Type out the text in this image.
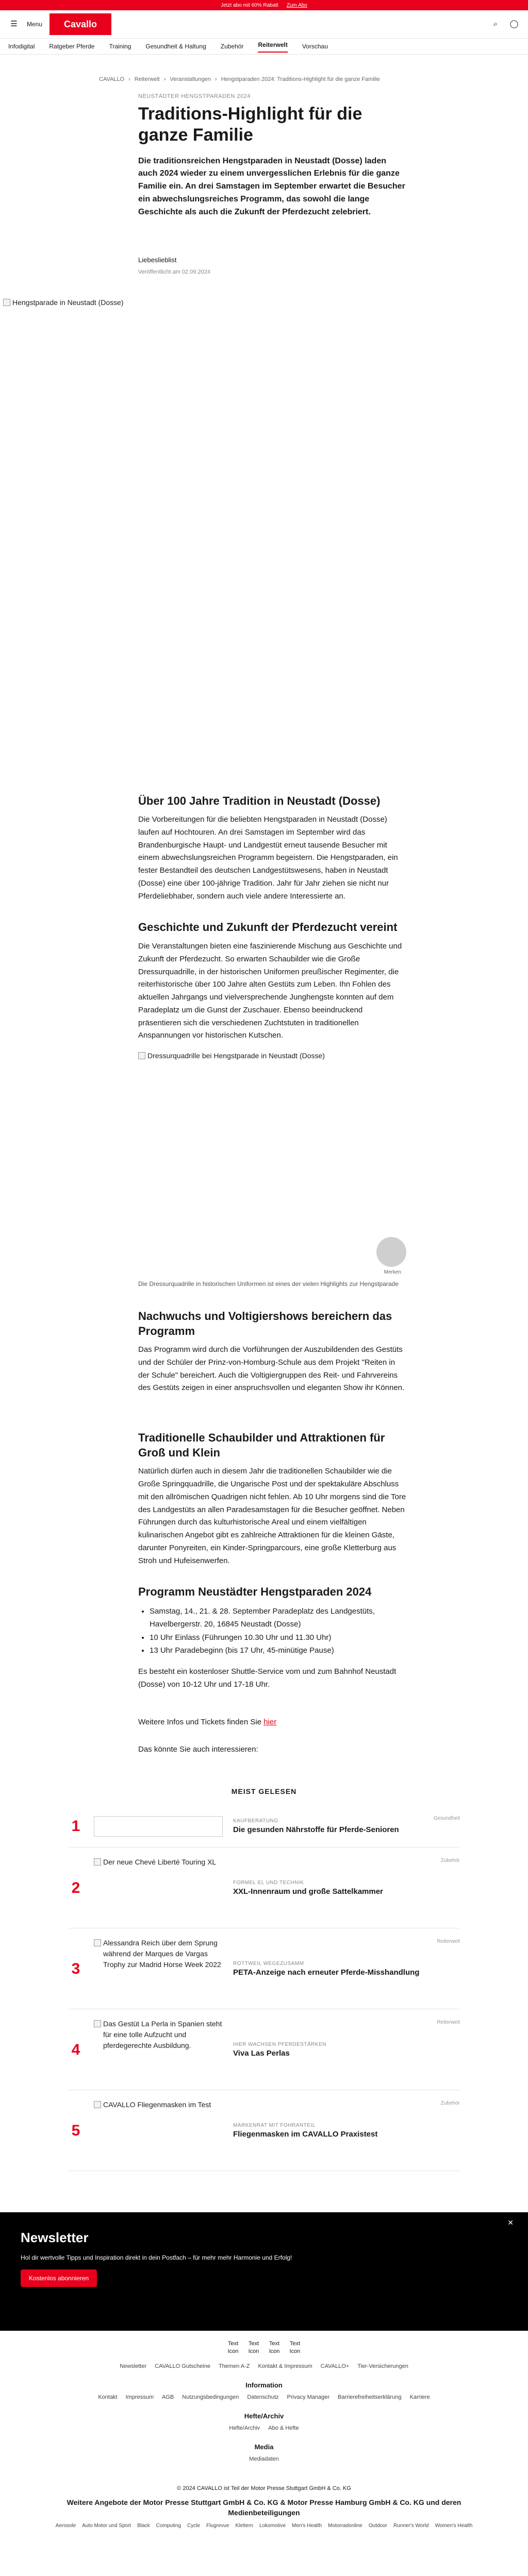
Jetzt abo mit 60% Rabatt Zum Abo
☰	Menu	Cavallo	⌕	◯
Infodigital Ratgeber Pferde Training Gesundheit & Haltung Zubehör Reiterwelt Vorschau
CAVALLO › Reiterwelt › Veranstaltungen › Hengstparaden 2024: Traditions-Highlight für die ganze Familie
NEUSTÄDTER HENGSTPARADEN 2024
Traditions-Highlight für die ganze Familie
Die traditionsreichen Hengstparaden in Neustadt (Dosse) laden auch 2024 wieder zu einem unvergesslichen Erlebnis für die ganze Familie ein. An drei Samstagen im September erwartet die Besucher ein abwechslungsreiches Programm, das sowohl die lange Geschichte als auch die Zukunft der Pferdezucht zelebriert.
Liebeslieblist
Veröffentlicht am 02.09.2024
Hengstparade in Neustadt (Dosse)
Über 100 Jahre Tradition in Neustadt (Dosse)

Die Vorbereitungen für die beliebten Hengstparaden in Neustadt (Dosse) laufen auf Hochtouren. An drei Samstagen im September wird das Brandenburgische Haupt- und Landgestüt erneut tausende Besucher mit einem abwechslungsreichen Programm begeistern. Die Hengstparaden, ein fester Bestandteil des deutschen Landgestütswesens, haben in Neustadt (Dosse) eine über 100-jährige Tradition. Jahr für Jahr ziehen sie nicht nur Pferdeliebhaber, sondern auch viele andere Interessierte an.

Geschichte und Zukunft der Pferdezucht vereint

Die Veranstaltungen bieten eine faszinierende Mischung aus Geschichte und Zukunft der Pferdezucht. So erwarten Schaubilder wie die Große Dressurquadrille, in der historischen Uniformen preußischer Regimenter, die reiterhistorische über 100 Jahre alten Gestüts zum Leben. Ihn Fohlen des aktuellen Jahrgangs und vielversprechende Junghengste konnten auf dem Paradeplatz um die Gunst der Zuschauer. Ebenso beeindruckend präsentieren sich die verschiedenen Zuchtstuten in traditionellen Anspannungen vor historischen Kutschen.

Dressurquadrille bei Hengstparade in Neustadt (Dosse)
Merken
Die Dressurquadrille in historischen Uniformen ist eines der vielen Highlights zur Hengstparade
Nachwuchs und Voltigiershows bereichern das Programm

Das Programm wird durch die Vorführungen der Auszubildenden des Gestüts und der Schüler der Prinz-von-Homburg-Schule aus dem Projekt "Reiten in der Schule" bereichert. Auch die Voltigiergruppen des Reit- und Fahrvereins des Gestüts zeigen in einer anspruchsvollen und eleganten Show ihr Können.

Traditionelle Schaubilder und Attraktionen für Groß und Klein

Natürlich dürfen auch in diesem Jahr die traditionellen Schaubilder wie die Große Springquadrille, die Ungarische Post und der spektakuläre Abschluss mit den allrömischen Quadrigen nicht fehlen. Ab 10 Uhr morgens sind die Tore des Landgestüts an allen Paradesamstagen für die Besucher geöffnet. Neben Führungen durch das kulturhistorische Areal und einem vielfältigen kulinarischen Angebot gibt es zahlreiche Attraktionen für die kleinen Gäste, darunter Ponyreiten, ein Kinder-Springparcours, eine große Kletterburg aus Stroh und Hufeisenwerfen.

Programm Neustädter Hengstparaden 2024
• Samstag, 14., 21. & 28. September Paradeplatz des Landgestüts, Havelbergerstr. 20, 16845 Neustadt (Dosse)
• 10 Uhr Einlass (Führungen 10.30 Uhr und 11.30 Uhr)
• 13 Uhr Paradebeginn (bis 17 Uhr, 45-minütige Pause)

Es besteht ein kostenloser Shuttle-Service vom und zum Bahnhof Neustadt (Dosse) von 10-12 Uhr und 17-18 Uhr.

Weitere Infos und Tickets finden Sie hier
Das könnte Sie auch interessieren:
MEIST GELESEN
1	KAUFBERATUNG
Die gesunden Nährstoffe für Pferde-Senioren
Gesundheit
2
Der neue Chevé Liberté Touring XL
FORMEL EL UND TECHNIK
XXL-Innenraum und große Sattelkammer
Zubehör
3
Alessandra Reich über dem Sprung während der Marques de Vargas Trophy zur Madrid Horse Week 2022	ROTTWEIL WEGEZUSAMM
PETA-Anzeige nach erneuter Pferde-Misshandlung
Reiterwelt
4
Das Gestüt La Perla in Spanien steht für eine tolle Aufzucht und pferdegerechte Ausbildung.	HIER WACHSEN PFERDESTÄRKEN
Viva Las Perlas
Reiterwelt
5
CAVALLO Fliegenmasken im Test
MARKENRAT MIT FOHRANTEIL
Fliegenmasken im CAVALLO Praxistest
Zubehör
✕
Newsletter
Hol dir wertvolle Tipps und Inspiration direkt in dein Postfach – für mehr mehr Harmonie und Erfolg!
Kostenlos abonnieren
Text Icon
Text Icon
Text Icon
Text Icon
Newsletter CAVALLO Gutscheine Themen A-Z Kontakt & Impressum CAVALLO+ Tier-Versicherungen
Information
Kontakt Impressum AGB Nutzungsbedingungen Datenschutz Privacy Manager Barrierefreiheitserklärung Karriere
Hefte/Archiv
Hefte/Archiv Abo & Hefte
Media
Mediadaten
© 2024 CAVALLO ist Teil der Motor Presse Stuttgart GmbH & Co. KG
Weitere Angebote der Motor Presse Stuttgart GmbH & Co. KG & Motor Presse Hamburg GmbH & Co. KG und deren Medienbeteiligungen
Aerosole Auto Motor und Sport Black Computing Cycle Flugrevue Klettern Lokomotive Men's Health Motorradonline Outdoor Runner's World Women's Health
